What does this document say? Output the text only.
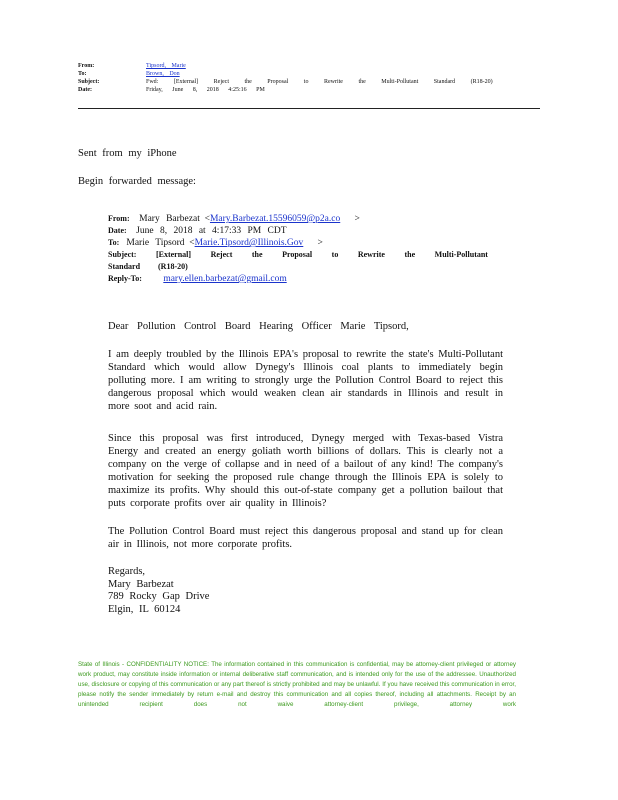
From:	Tipsord, Marie
To:	Brown, Don
Subject:	Fwd: [External] Reject the Proposal to Rewrite the Multi-Pollutant Standard (R18-20)
Date:	Friday, June 8, 2018 4:25:16 PM
Sent from my iPhone
Begin forwarded message:
From: Mary Barbezat  <Mary.Barbezat.15596059@p2a.co      >
Date: June 8, 2018 at 4:17:33 PM CDT
To: Marie Tipsord  <Marie.Tipsord@Illinois.Gov      >
Subject: [External] Reject the Proposal to Rewrite the Multi-Pollutant
Standard (R18-20)
Reply-To: mary.ellen.barbezat@gmail.com
Dear Pollution Control Board Hearing Officer Marie Tipsord,
I am deeply troubled by the Illinois EPA's proposal to rewrite the state's Multi-Pollutant Standard which would allow Dynegy's Illinois coal plants to immediately begin polluting more. I am writing to strongly urge the Pollution Control Board to reject this dangerous proposal which would weaken clean air standards in Illinois and result in more soot and acid rain.
Since this proposal was first introduced, Dynegy merged with Texas-based Vistra Energy and created an energy goliath worth billions of dollars. This is clearly not a company on the verge of collapse and in need of a bailout of any kind! The company's motivation for seeking the proposed rule change through the Illinois EPA is solely to maximize its profits. Why should this out-of-state company get a pollution bailout that puts corporate profits over air quality in Illinois?
The Pollution Control Board must reject this dangerous proposal and stand up for clean air in Illinois, not more corporate profits.
Regards,
Mary Barbezat
789 Rocky Gap Drive
Elgin, IL 60124
State of Illinois - CONFIDENTIALITY NOTICE: The information contained in this communication is confidential, may be attorney-client privileged or attorney work product, may constitute inside information or internal deliberative staff communication, and is intended only for the use of the addressee. Unauthorized use, disclosure or copying of this communication or any part thereof is strictly prohibited and may be unlawful. If you have received this communication in error, please notify the sender immediately by return e-mail and destroy this communication and all copies thereof, including all attachments. Receipt by an unintended recipient does not waive attorney-client privilege, attorney work
